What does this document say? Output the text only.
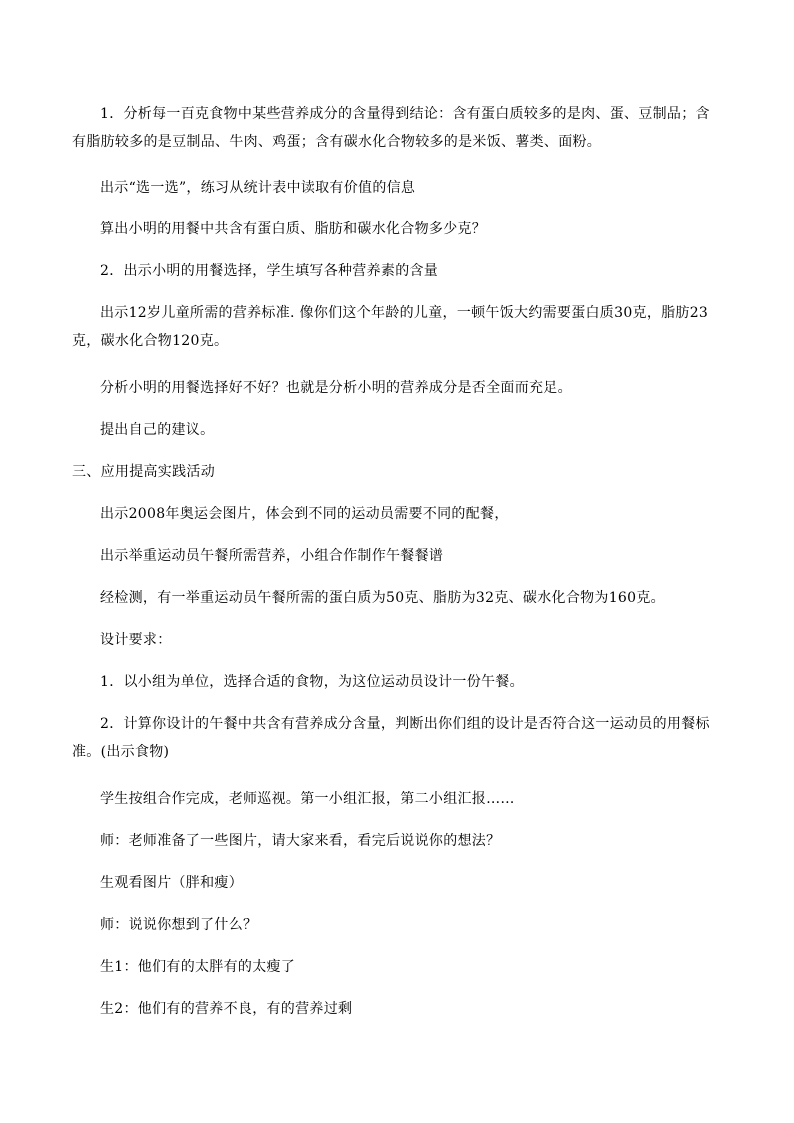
1．分析每一百克食物中某些营养成分的含量得到结论：含有蛋白质较多的是肉、蛋、豆制品；含有脂肪较多的是豆制品、牛肉、鸡蛋；含有碳水化合物较多的是米饭、薯类、面粉。
出示“选一选”，练习从统计表中读取有价值的信息
算出小明的用餐中共含有蛋白质、脂肪和碳水化合物多少克？
2．出示小明的用餐选择，学生填写各种营养素的含量
出示12岁儿童所需的营养标准. 像你们这个年龄的儿童，一顿午饭大约需要蛋白质30克，脂肪23克，碳水化合物120克。
分析小明的用餐选择好不好？也就是分析小明的营养成分是否全面而充足。
提出自己的建议。
三、应用提高实践活动
出示2008年奥运会图片，体会到不同的运动员需要不同的配餐，
出示举重运动员午餐所需营养，小组合作制作午餐餐谱
经检测，有一举重运动员午餐所需的蛋白质为50克、脂肪为32克、碳水化合物为160克。
设计要求：
1．以小组为单位，选择合适的食物，为这位运动员设计一份午餐。
2．计算你设计的午餐中共含有营养成分含量，判断出你们组的设计是否符合这一运动员的用餐标准。(出示食物)
学生按组合作完成，老师巡视。第一小组汇报，第二小组汇报……
师：老师准备了一些图片，请大家来看，看完后说说你的想法？
生观看图片（胖和瘦）
师：说说你想到了什么？
生1：他们有的太胖有的太瘦了
生2：他们有的营养不良，有的营养过剩
